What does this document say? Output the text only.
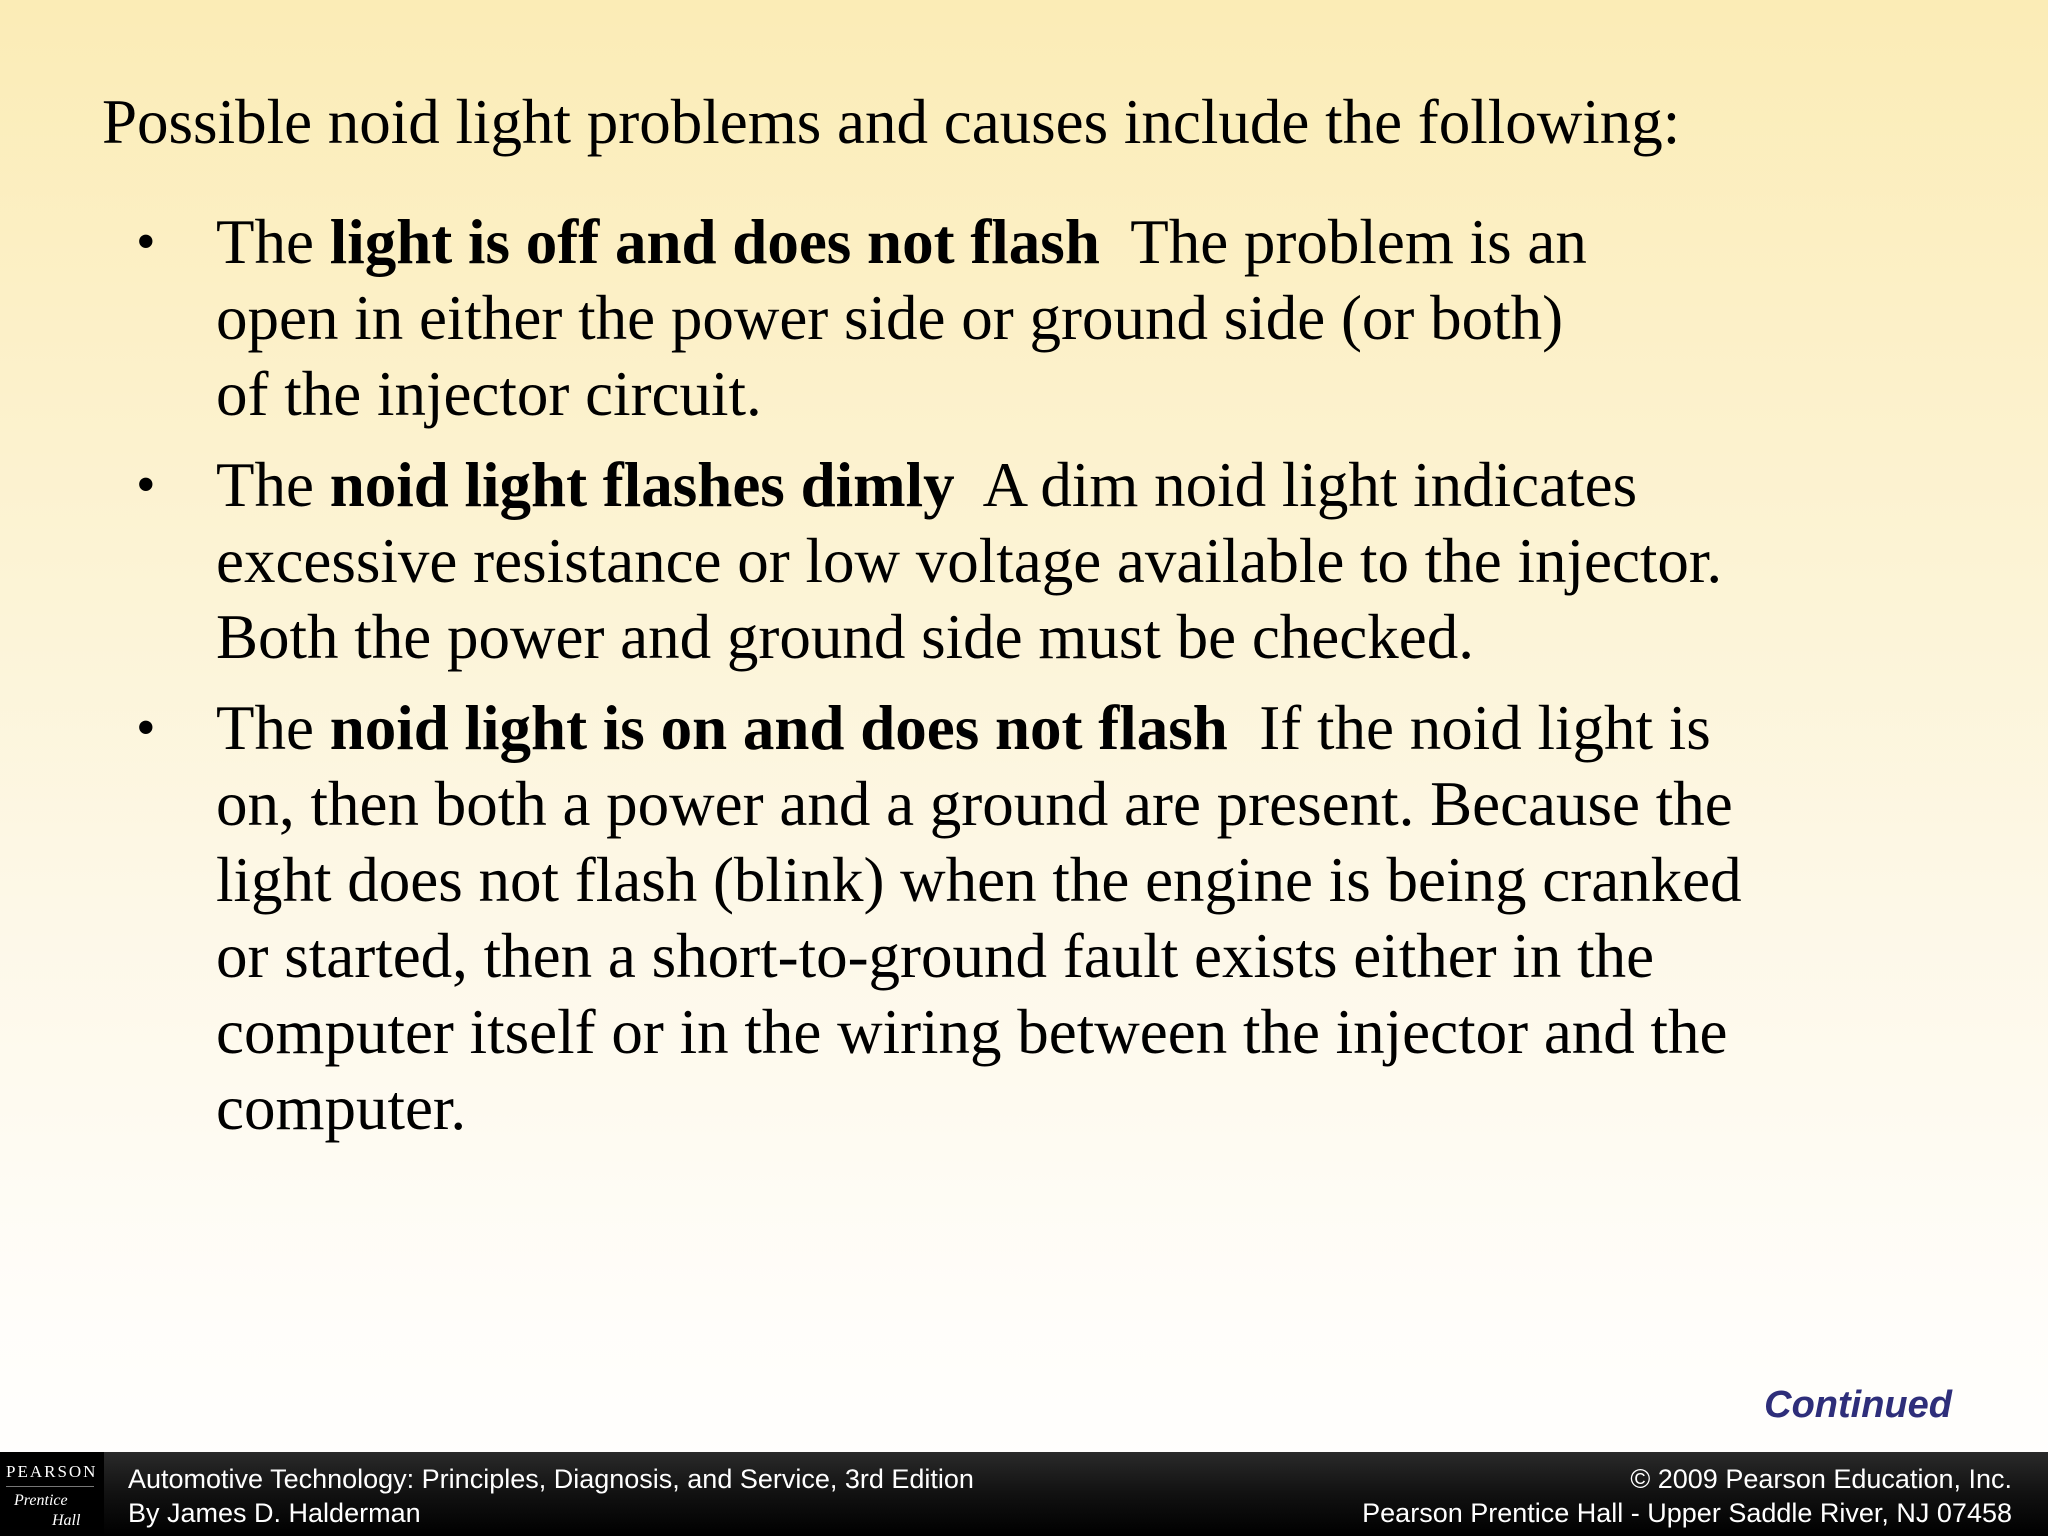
Possible noid light problems and causes include the following:
• The light is off and does not flash  The problem is an
open in either the power side or ground side (or both)
of the injector circuit.
• The noid light flashes dimly  A dim noid light indicates
excessive resistance or low voltage available to the injector.
Both the power and ground side must be checked.
• The noid light is on and does not flash  If the noid light is
on, then both a power and a ground are present. Because the
light does not flash (blink) when the engine is being cranked
or started, then a short-to-ground fault exists either in the
computer itself or in the wiring between the injector and the
computer.
Continued
PEARSON
Prentice
Hall
Automotive Technology: Principles, Diagnosis, and Service, 3rd Edition
By James D. Halderman
© 2009 Pearson Education, Inc.
Pearson Prentice Hall - Upper Saddle River, NJ 07458
